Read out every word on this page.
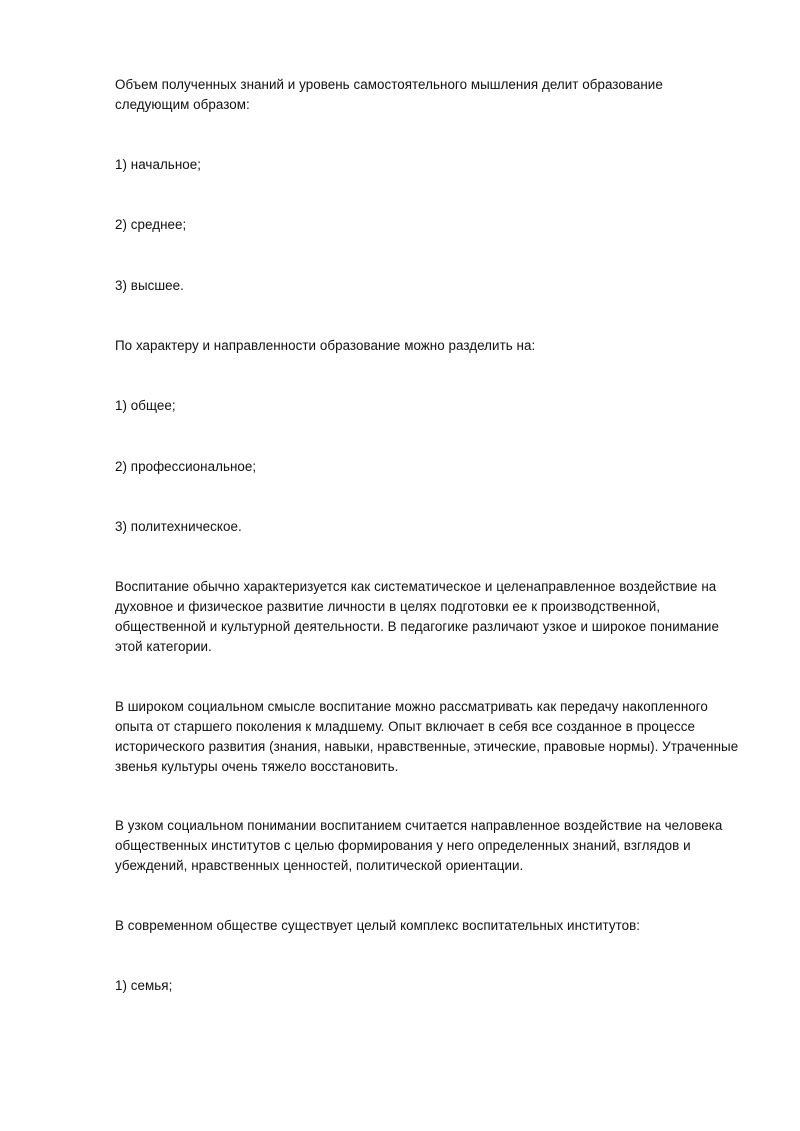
Объем полученных знаний и уровень самостоятельного мышления делит образование
следующим образом:

1) начальное;

2) среднее;

3) высшее.

По характеру и направленности образование можно разделить на:

1) общее;

2) профессиональное;

3) политехническое.

Воспитание обычно характеризуется как систематическое и целенаправленное воздействие на
духовное и физическое развитие личности в целях подготовки ее к производственной,
общественной и культурной деятельности. В педагогике различают узкое и широкое понимание
этой категории.

В широком социальном смысле воспитание можно рассматривать как передачу накопленного
опыта от старшего поколения к младшему. Опыт включает в себя все созданное в процессе
исторического развития (знания, навыки, нравственные, этические, правовые нормы). Утраченные
звенья культуры очень тяжело восстановить.

В узком социальном понимании воспитанием считается направленное воздействие на человека
общественных институтов с целью формирования у него определенных знаний, взглядов и
убеждений, нравственных ценностей, политической ориентации.

В современном обществе существует целый комплекс воспитательных институтов:

1) семья;
